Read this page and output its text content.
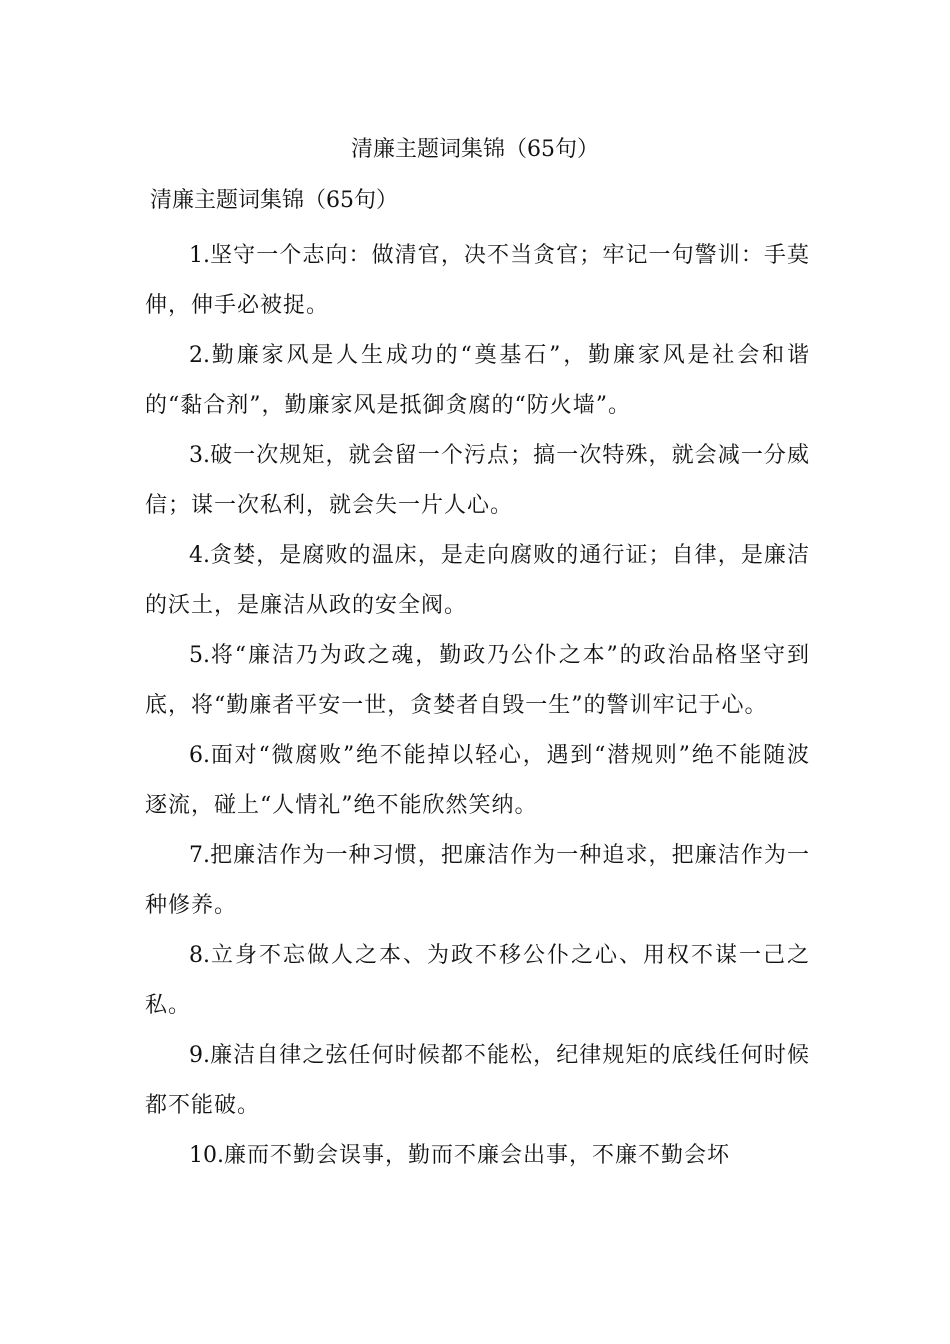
清廉主题词集锦（65句）
清廉主题词集锦（65句）

1.坚守一个志向：做清官，决不当贪官；牢记一句警训：手莫伸，伸手必被捉。

2.勤廉家风是人生成功的“奠基石”，勤廉家风是社会和谐的“黏合剂”，勤廉家风是抵御贪腐的“防火墙”。

3.破一次规矩，就会留一个污点；搞一次特殊，就会减一分威信；谋一次私利，就会失一片人心。

4.贪婪，是腐败的温床，是走向腐败的通行证；自律，是廉洁的沃土，是廉洁从政的安全阀。

5.将“廉洁乃为政之魂，勤政乃公仆之本”的政治品格坚守到底，将“勤廉者平安一世，贪婪者自毁一生”的警训牢记于心。

6.面对“微腐败”绝不能掉以轻心，遇到“潜规则”绝不能随波逐流，碰上“人情礼”绝不能欣然笑纳。

7.把廉洁作为一种习惯，把廉洁作为一种追求，把廉洁作为一种修养。

8.立身不忘做人之本、为政不移公仆之心、用权不谋一己之私。

9.廉洁自律之弦任何时候都不能松，纪律规矩的底线任何时候都不能破。

10.廉而不勤会误事，勤而不廉会出事，不廉不勤会坏
